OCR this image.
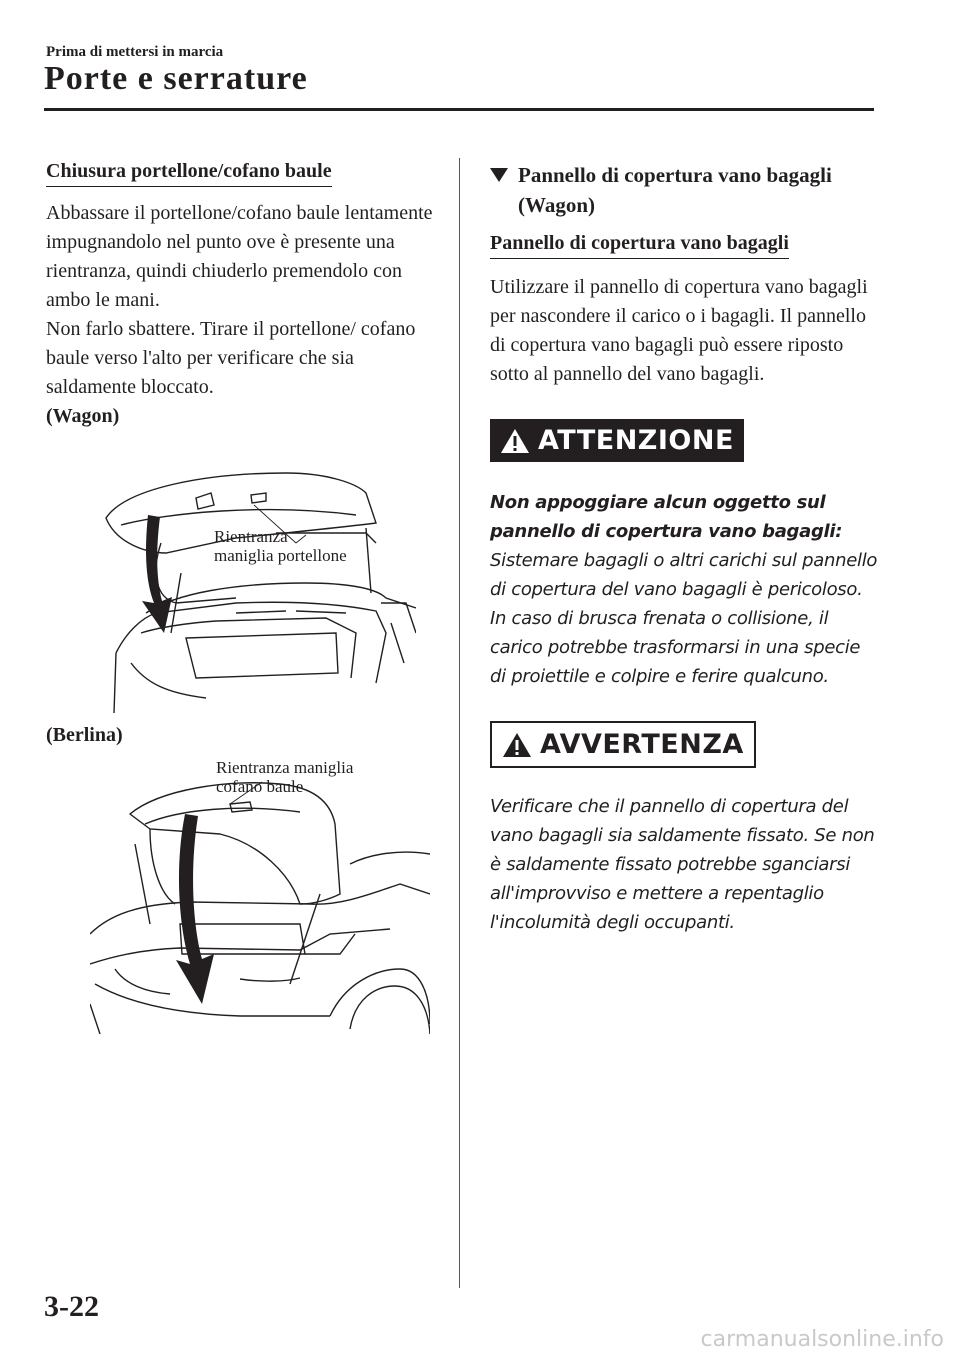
Prima di mettersi in marcia
Porte e serrature
Chiusura portellone/cofano baule

Abbassare il portellone/cofano baule lentamente impugnandolo nel punto ove è presente una rientranza, quindi chiuderlo premendolo con ambo le mani.

Non farlo sbattere. Tirare il portellone/ cofano baule verso l'alto per verificare che sia saldamente bloccato.

(Wagon)

Rientranza
maniglia portellone

(Berlina)

Rientranza maniglia
cofano baule
Pannello di copertura vano bagagli
(Wagon)
Pannello di copertura vano bagagli

Utilizzare il pannello di copertura vano bagagli per nascondere il carico o i bagagli. Il pannello di copertura vano bagagli può essere riposto sotto al pannello del vano bagagli.

ATTENZIONE

Non appoggiare alcun oggetto sul

pannello di copertura vano bagagli:

Sistemare bagagli o altri carichi sul pannello di copertura del vano bagagli è pericoloso. In caso di brusca frenata o collisione, il carico potrebbe trasformarsi in una specie di proiettile e colpire e ferire qualcuno.

AVVERTENZA

Verificare che il pannello di copertura del vano bagagli sia saldamente fissato. Se non è saldamente fissato potrebbe sganciarsi all'improvviso e mettere a repentaglio l'incolumità degli occupanti.

3-22
carmanualsonline.info
